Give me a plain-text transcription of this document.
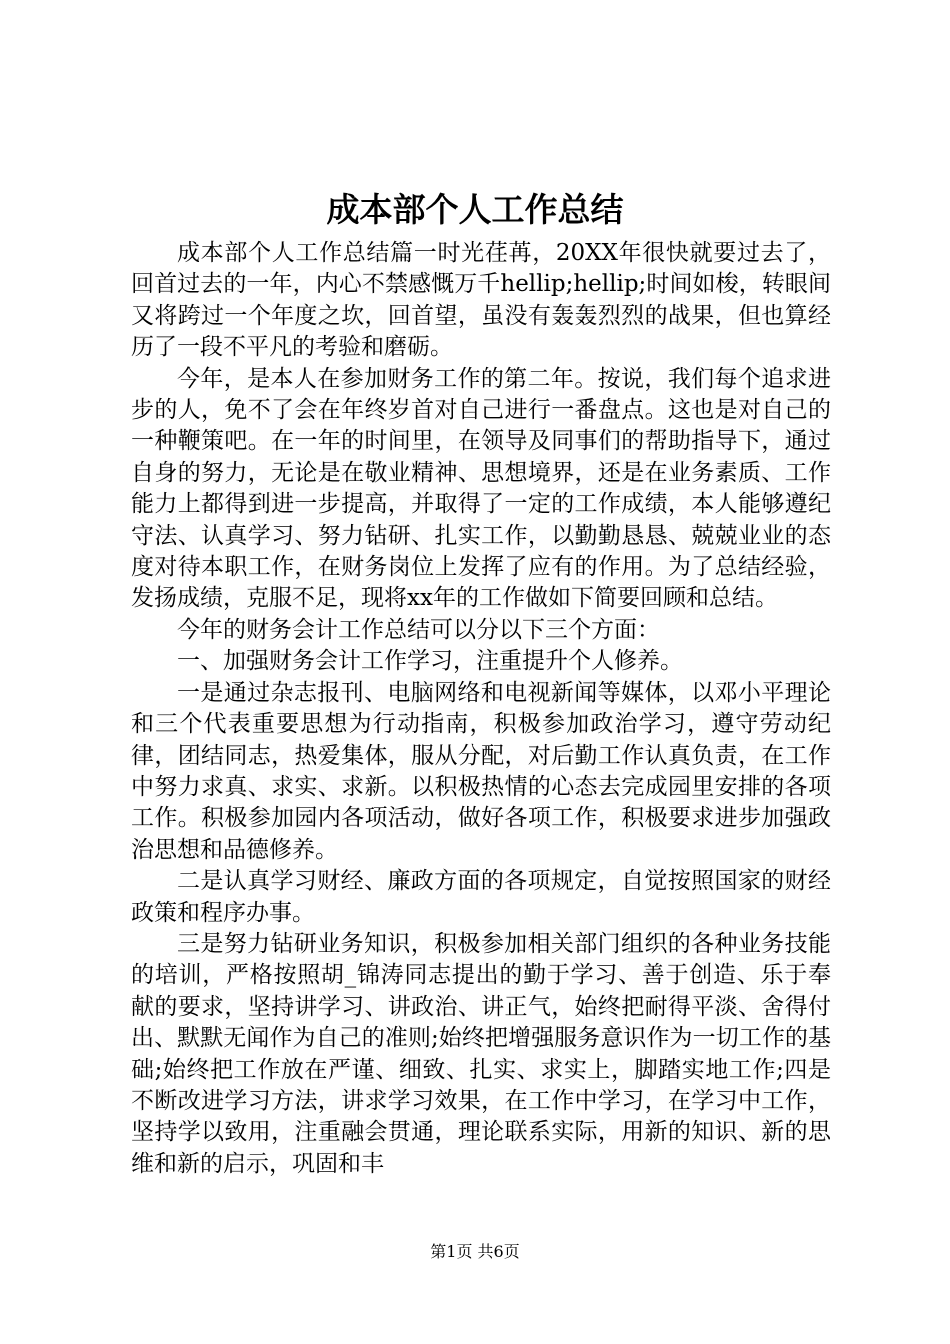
成本部个人工作总结

成本部个人工作总结篇一时光荏苒，20XX年很快就要过去了，回首过去的一年，内心不禁感慨万千hellip;hellip;时间如梭，转眼间又将跨过一个年度之坎，回首望，虽没有轰轰烈烈的战果，但也算经历了一段不平凡的考验和磨砺。

今年，是本人在参加财务工作的第二年。按说，我们每个追求进步的人，免不了会在年终岁首对自己进行一番盘点。这也是对自己的一种鞭策吧。在一年的时间里，在领导及同事们的帮助指导下，通过自身的努力，无论是在敬业精神、思想境界，还是在业务素质、工作能力上都得到进一步提高，并取得了一定的工作成绩，本人能够遵纪守法、认真学习、努力钻研、扎实工作，以勤勤恳恳、兢兢业业的态度对待本职工作，在财务岗位上发挥了应有的作用。为了总结经验，发扬成绩，克服不足，现将xx年的工作做如下简要回顾和总结。

今年的财务会计工作总结可以分以下三个方面：

一、加强财务会计工作学习，注重提升个人修养。

一是通过杂志报刊、电脑网络和电视新闻等媒体，以邓小平理论和三个代表重要思想为行动指南，积极参加政治学习，遵守劳动纪律，团结同志，热爱集体，服从分配，对后勤工作认真负责，在工作中努力求真、求实、求新。以积极热情的心态去完成园里安排的各项工作。积极参加园内各项活动，做好各项工作，积极要求进步加强政治思想和品德修养。

二是认真学习财经、廉政方面的各项规定，自觉按照国家的财经政策和程序办事。

三是努力钻研业务知识，积极参加相关部门组织的各种业务技能的培训，严格按照胡_锦涛同志提出的勤于学习、善于创造、乐于奉献的要求，坚持讲学习、讲政治、讲正气，始终把耐得平淡、舍得付出、默默无闻作为自己的准则;始终把增强服务意识作为一切工作的基础;始终把工作放在严谨、细致、扎实、求实上，脚踏实地工作;四是不断改进学习方法，讲求学习效果，在工作中学习，在学习中工作，坚持学以致用，注重融会贯通，理论联系实际，用新的知识、新的思维和新的启示，巩固和丰

第1页 共6页
